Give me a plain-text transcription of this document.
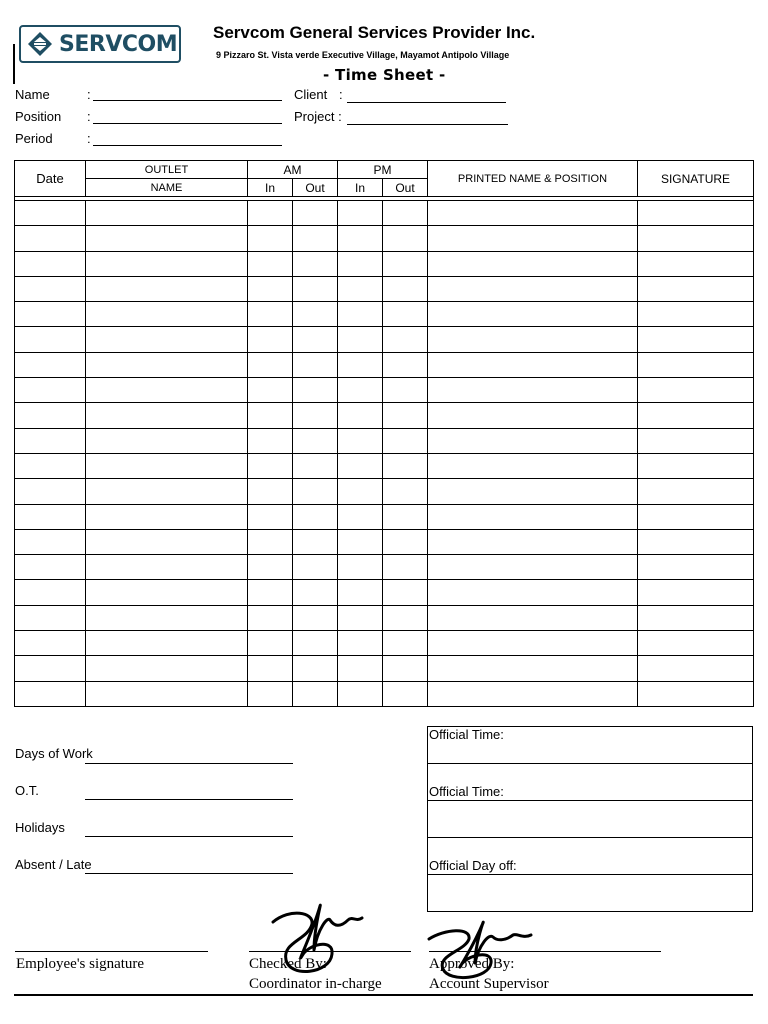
SERVCOM Servcom General Services Provider Inc.
9 Pizzaro St. Vista verde Executive Village, Mayamot Antipolo Village
- Time Sheet -
Name	:
Position :
Period	:
Client :
Project :
Date	OUTLET	AM		PM		PRINTED NAME & POSITION	SIGNATURE
	NAME	In	Out	In	Out		

Days of Work
O.T.
Holidays
Absent / Late
Official Time:
Official Time:
Official Day off:
Employee's signature	Checked By:
Coordinator in-charge
Approved By:
Account Supervisor
